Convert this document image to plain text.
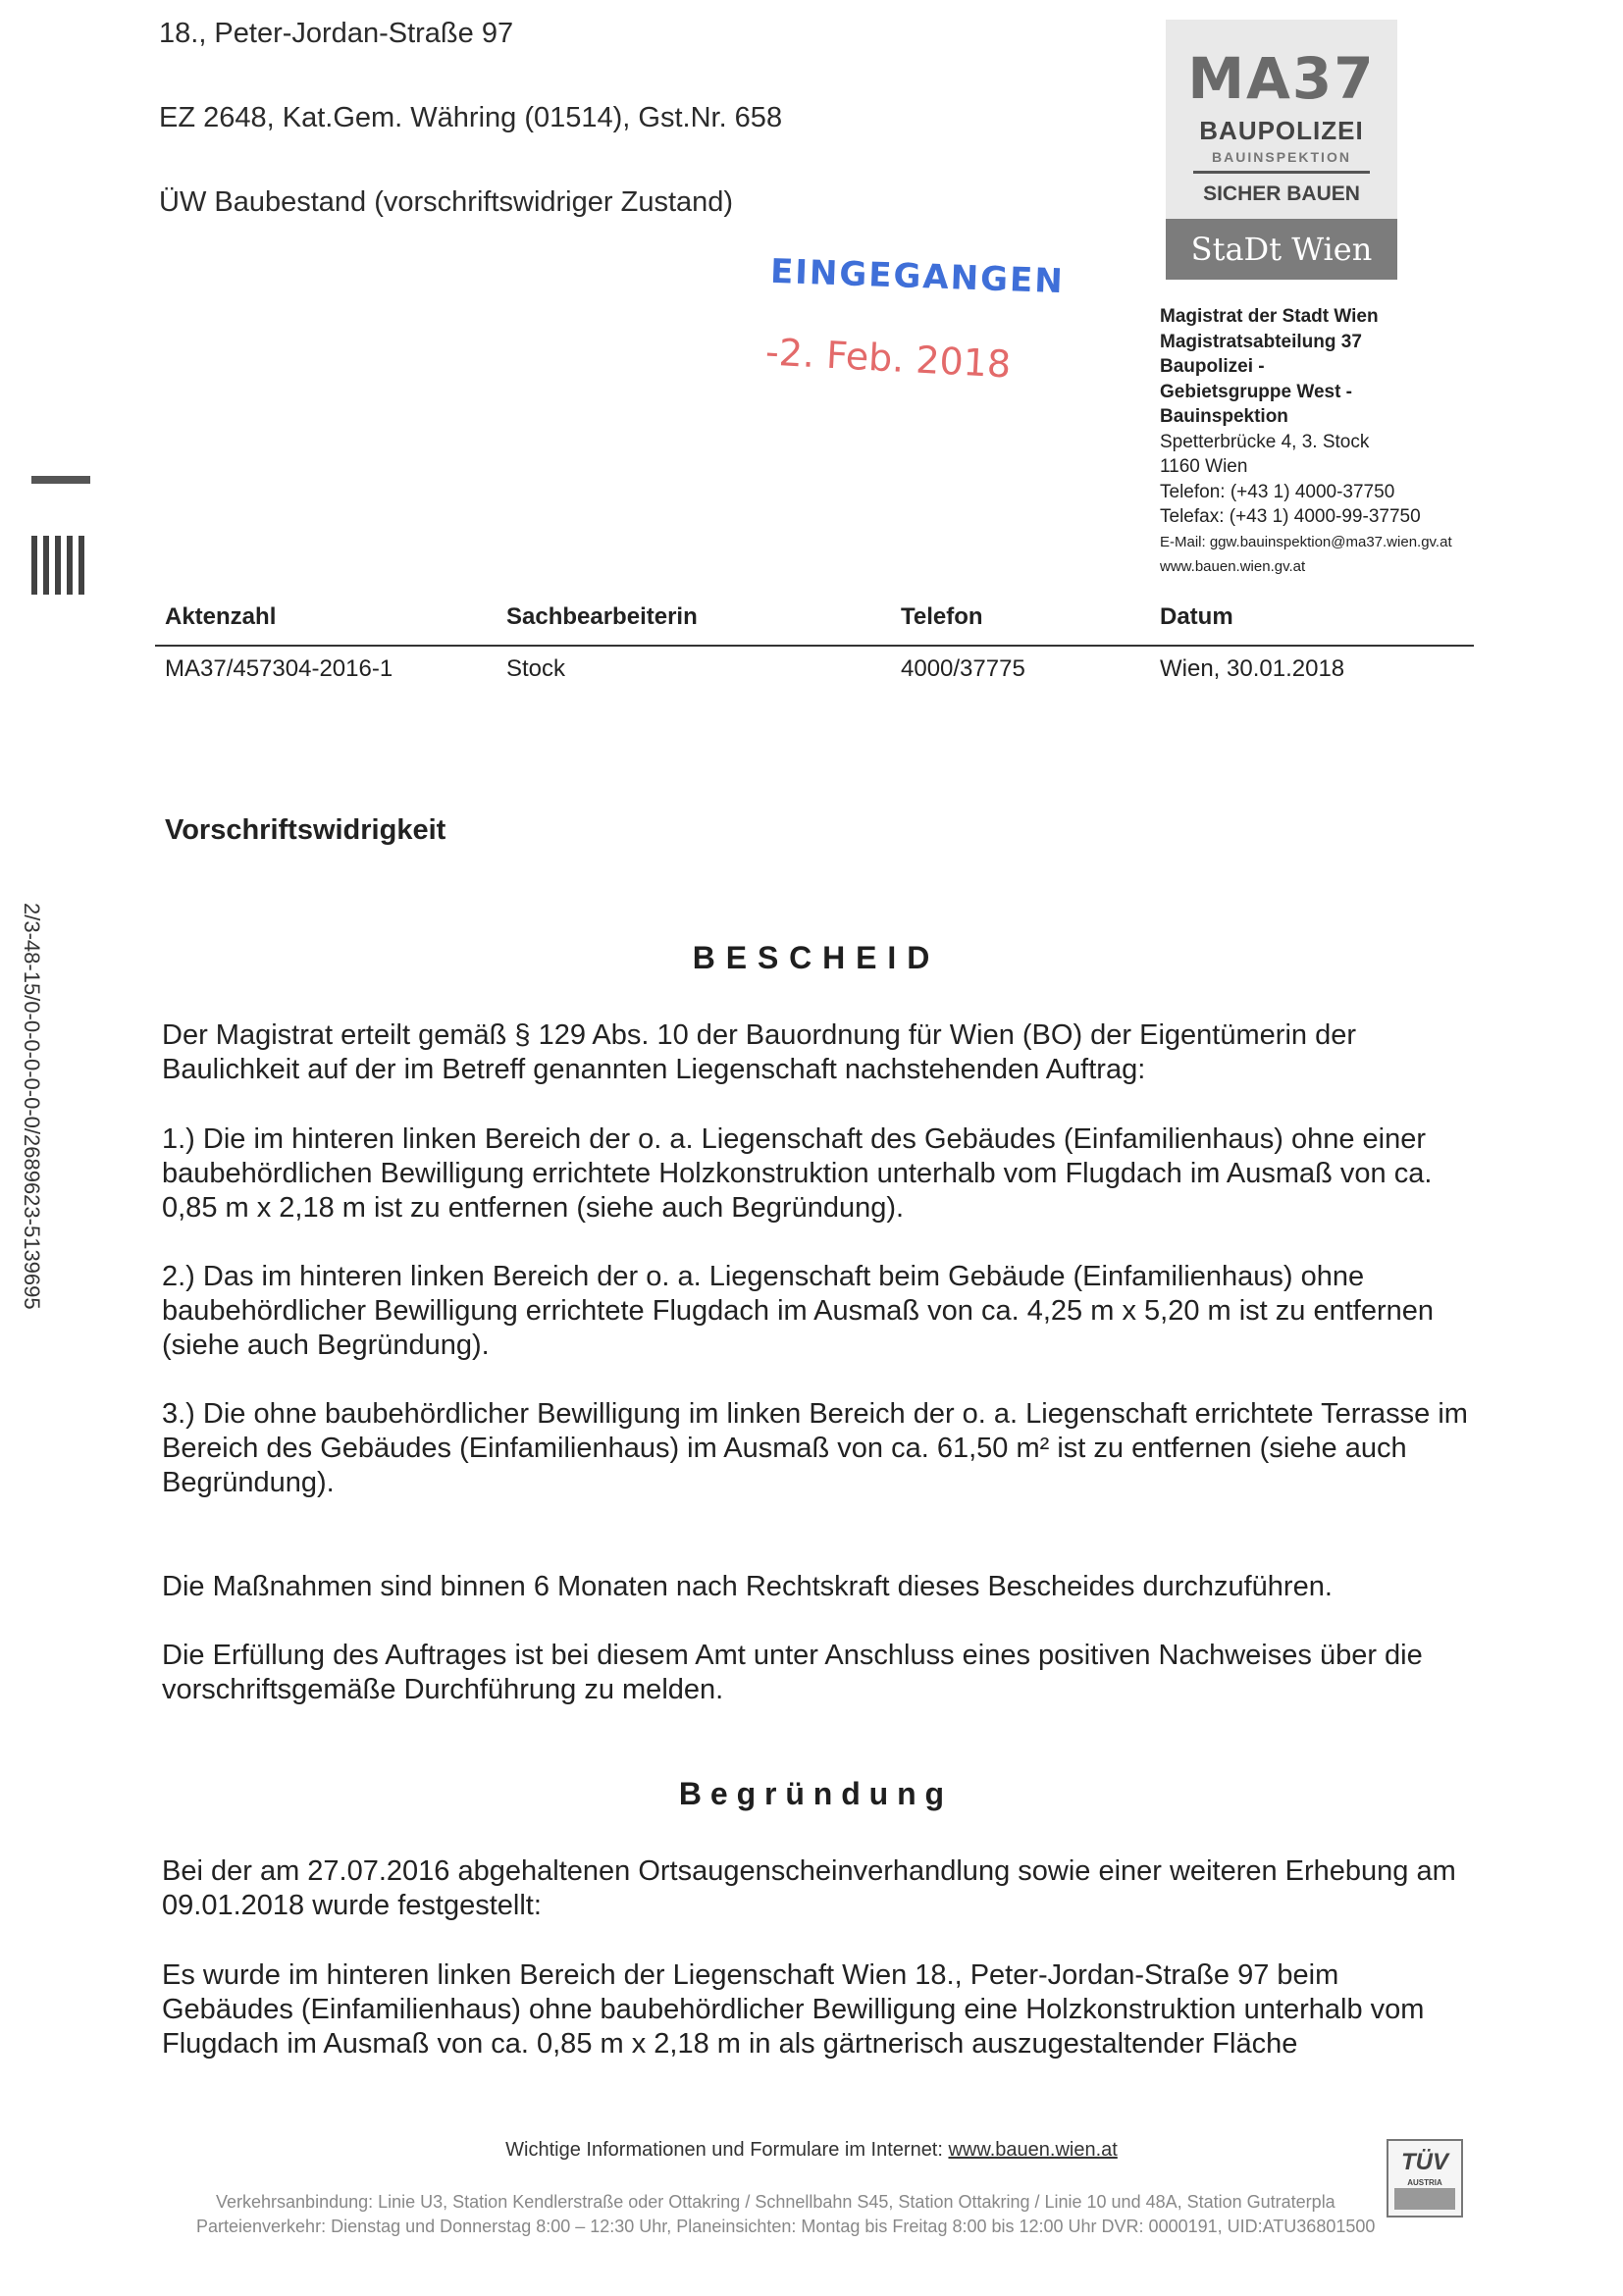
18., Peter-Jordan-Straße 97
EZ 2648, Kat.Gem. Währing (01514), Gst.Nr. 658
ÜW Baubestand (vorschriftswidriger Zustand)
MA37
BAUPOLIZEI
BAUINSPEKTION
SICHER BAUEN
StaDt Wien
EINGEGANGEN
-2. Feb. 2018
Magistrat der Stadt Wien
Magistratsabteilung 37
Baupolizei -
Gebietsgruppe West -
Bauinspektion
Spetterbrücke 4, 3. Stock
1160 Wien
Telefon: (+43 1) 4000-37750
Telefax: (+43 1) 4000-99-37750
E-Mail: ggw.bauinspektion@ma37.wien.gv.at
www.bauen.wien.gv.at
2/3-48-15/0-0-0-0-0-0-0/2689623-5139695
Aktenzahl	Sachbearbeiterin	Telefon	Datum
MA37/457304-2016-1	Stock	4000/37775	Wien, 30.01.2018
Vorschriftswidrigkeit
B E S C H E I D
Der Magistrat erteilt gemäß § 129 Abs. 10 der Bauordnung für Wien (BO) der Eigentümerin der Baulichkeit auf der im Betreff genannten Liegenschaft nachstehenden Auftrag:
1.) Die im hinteren linken Bereich der o. a. Liegenschaft des Gebäudes (Einfamilienhaus) ohne einer baubehördlichen Bewilligung errichtete Holzkonstruktion unterhalb vom Flugdach im Ausmaß von ca. 0,85 m x 2,18 m ist zu entfernen (siehe auch Begründung).
2.) Das im hinteren linken Bereich der o. a. Liegenschaft beim Gebäude (Einfamilienhaus) ohne baubehördlicher Bewilligung errichtete Flugdach im Ausmaß von ca. 4,25 m x 5,20 m ist zu entfernen (siehe auch Begründung).
3.) Die ohne baubehördlicher Bewilligung im linken Bereich der o. a. Liegenschaft errichtete Terrasse im Bereich des Gebäudes (Einfamilienhaus) im Ausmaß von ca. 61,50 m² ist zu entfernen (siehe auch Begründung).
Die Maßnahmen sind binnen 6 Monaten nach Rechtskraft dieses Bescheides durchzuführen.
Die Erfüllung des Auftrages ist bei diesem Amt unter Anschluss eines positiven Nachweises über die vorschriftsgemäße Durchführung zu melden.
B e g r ü n d u n g
Bei der am 27.07.2016 abgehaltenen Ortsaugenscheinverhandlung sowie einer weiteren Erhebung am 09.01.2018 wurde festgestellt:
Es wurde im hinteren linken Bereich der Liegenschaft Wien 18., Peter-Jordan-Straße 97 beim Gebäudes (Einfamilienhaus) ohne baubehördlicher Bewilligung eine Holzkonstruktion unterhalb vom Flugdach im Ausmaß von ca. 0,85 m x 2,18 m in als gärtnerisch auszugestaltender Fläche
Wichtige Informationen und Formulare im Internet: www.bauen.wien.at
Verkehrsanbindung: Linie U3, Station Kendlerstraße oder Ottakring / Schnellbahn S45, Station Ottakring / Linie 10 und 48A, Station Gutraterpla
Parteienverkehr: Dienstag und Donnerstag 8:00 – 12:30 Uhr, Planeinsichten: Montag bis Freitag 8:00 bis 12:00 Uhr DVR: 0000191, UID:ATU36801500
TÜV
AUSTRIA
